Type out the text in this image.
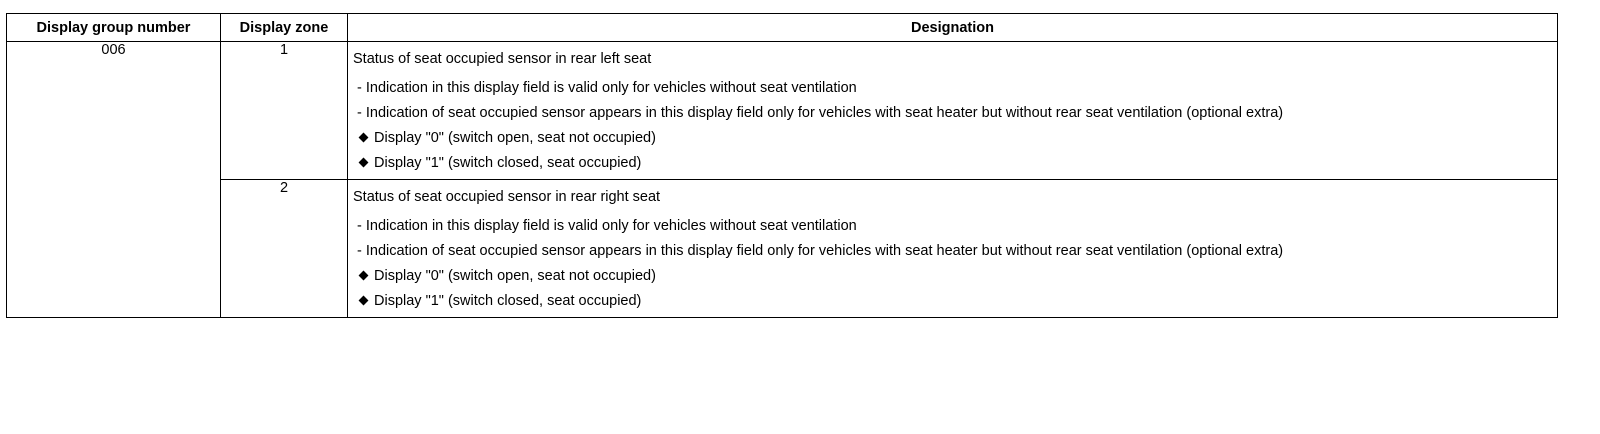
Display group number	Display zone	Designation
006	1	Status of seat occupied sensor in rear left seat
- Indication in this display field is valid only for vehicles without seat ventilation
- Indication of seat occupied sensor appears in this display field only for vehicles with seat heater but without rear seat ventilation (optional extra)
Display "0" (switch open, seat not occupied)
Display "1" (switch closed, seat occupied)

	2	Status of seat occupied sensor in rear right seat
- Indication in this display field is valid only for vehicles without seat ventilation
- Indication of seat occupied sensor appears in this display field only for vehicles with seat heater but without rear seat ventilation (optional extra)
Display "0" (switch open, seat not occupied)
Display "1" (switch closed, seat occupied)
